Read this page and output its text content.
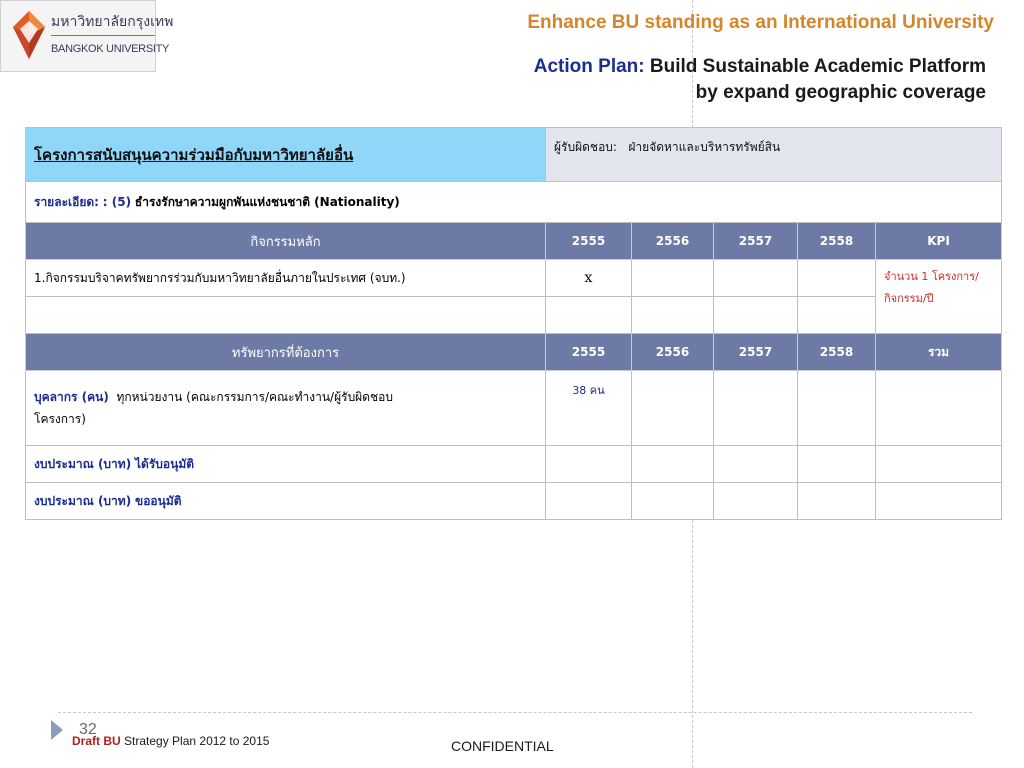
มหาวิทยาลัยกรุงเทพ
BANGKOK UNIVERSITY
Enhance BU standing as an International University
Action Plan: Build Sustainable Academic Platform
by expand geographic coverage
โครงการสนับสนุนความร่วมมือกับมหาวิทยาลัยอื่น	ผู้รับผิดชอบ: ฝ่ายจัดหาและบริหารทรัพย์สิน				
รายละเอียด: : (5) ธำรงรักษาความผูกพันแห่งชนชาติ (Nationality)					
กิจกรรมหลัก	2555	2556	2557	2558	KPI
1.กิจกรรมบริจาคทรัพยากรร่วมกับมหาวิทยาลัยอื่นภายในประเทศ (จบท.)	x				จำนวน 1 โครงการ/
กิจกรรม/ปี

ทรัพยากรที่ต้องการ	2555	2556	2557	2558	รวม
บุคลากร (คน) ทุกหน่วยงาน (คณะกรรมการ/คณะทำงาน/ผู้รับผิดชอบ
โครงการ)	38 คน				
งบประมาณ (บาท) ได้รับอนุมัติ					
งบประมาณ (บาท) ขออนุมัติ					
32
Draft BU Strategy Plan 2012 to 2015	CONFIDENTIAL
